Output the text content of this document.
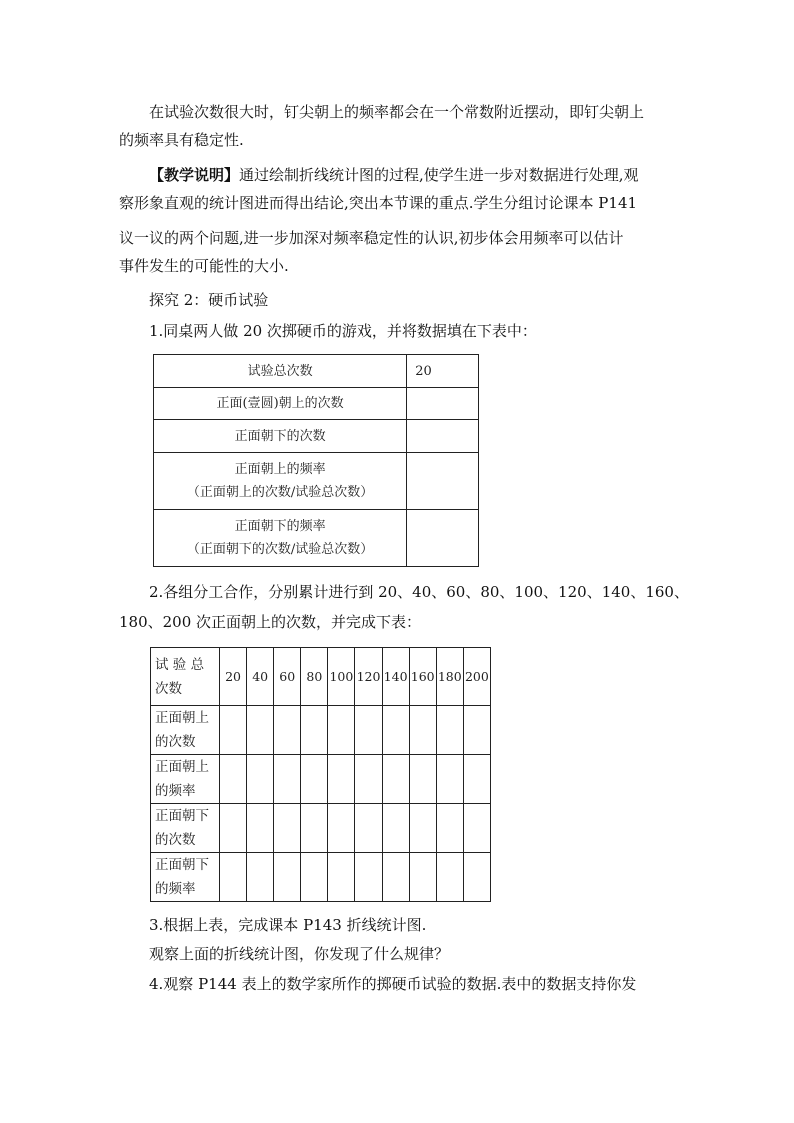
在试验次数很大时，钉尖朝上的频率都会在一个常数附近摆动，即钉尖朝上

的频率具有稳定性.

【教学说明】通过绘制折线统计图的过程,使学生进一步对数据进行处理,观

察形象直观的统计图进而得出结论,突出本节课的重点.学生分组讨论课本 P141

议一议的两个问题,进一步加深对频率稳定性的认识,初步体会用频率可以估计

事件发生的可能性的大小.

探究 2：硬币试验

1.同桌两人做 20 次掷硬币的游戏，并将数据填在下表中：

试验总次数	20
正面(壹圆)朝上的次数	
正面朝下的次数	

正面朝上的频率
（正面朝上的次数/试验总次数）	

正面朝下的频率
（正面朝下的次数/试验总次数）	

2.各组分工合作，分别累计进行到 20、40、60、80、100、120、140、160、

180、200 次正面朝上的次数，并完成下表：

试 验 总
次数	20	40	60	80	100	120	140	160	180	200

正面朝上
的次数										

正面朝上
的频率										

正面朝下
的次数										

正面朝下
的频率										

3.根据上表，完成课本 P143 折线统计图.

观察上面的折线统计图，你发现了什么规律？

4.观察 P144 表上的数学家所作的掷硬币试验的数据.表中的数据支持你发
